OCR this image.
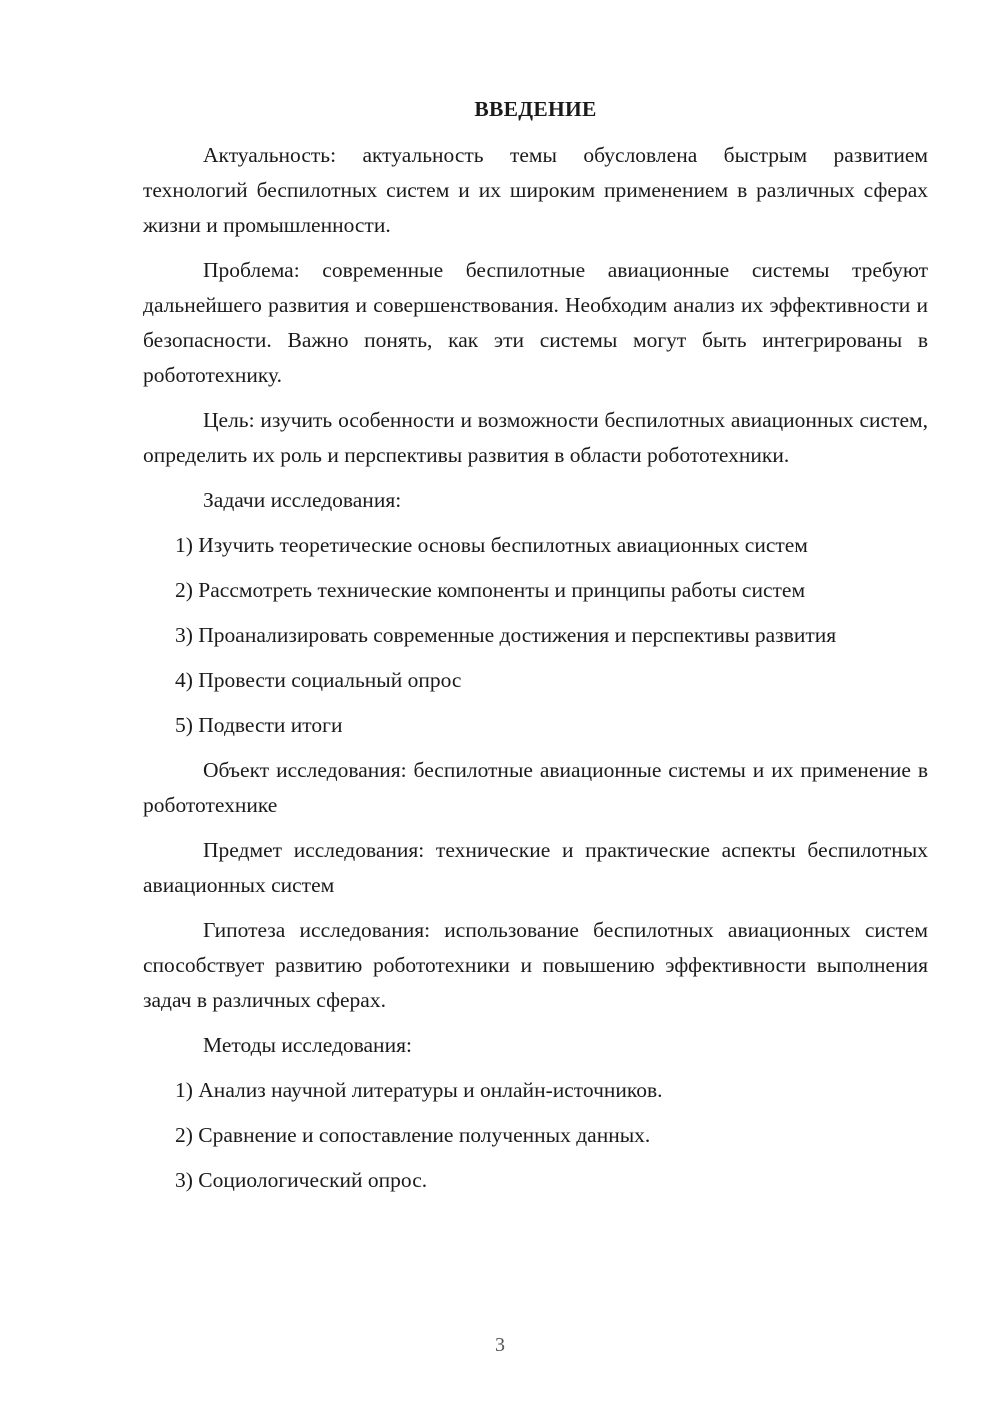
ВВЕДЕНИЕ

Актуальность: актуальность темы обусловлена быстрым развитием технологий беспилотных систем и их широким применением в различных сферах жизни и промышленности.

Проблема: современные беспилотные авиационные системы требуют дальнейшего развития и совершенствования. Необходим анализ их эффективности и безопасности. Важно понять, как эти системы могут быть интегрированы в робототехнику.

Цель: изучить особенности и возможности беспилотных авиационных систем, определить их роль и перспективы развития в области робототехники.

Задачи исследования:

1) Изучить теоретические основы беспилотных авиационных систем

2) Рассмотреть технические компоненты и принципы работы систем

3) Проанализировать современные достижения и перспективы развития

4) Провести социальный опрос

5) Подвести итоги

Объект исследования: беспилотные авиационные системы и их применение в робототехнике

Предмет исследования: технические и практические аспекты беспилотных авиационных систем

Гипотеза исследования: использование беспилотных авиационных систем способствует развитию робототехники и повышению эффективности выполнения задач в различных сферах.

Методы исследования:

1) Анализ научной литературы и онлайн-источников.

2) Сравнение и сопоставление полученных данных.

3) Социологический опрос.

3
